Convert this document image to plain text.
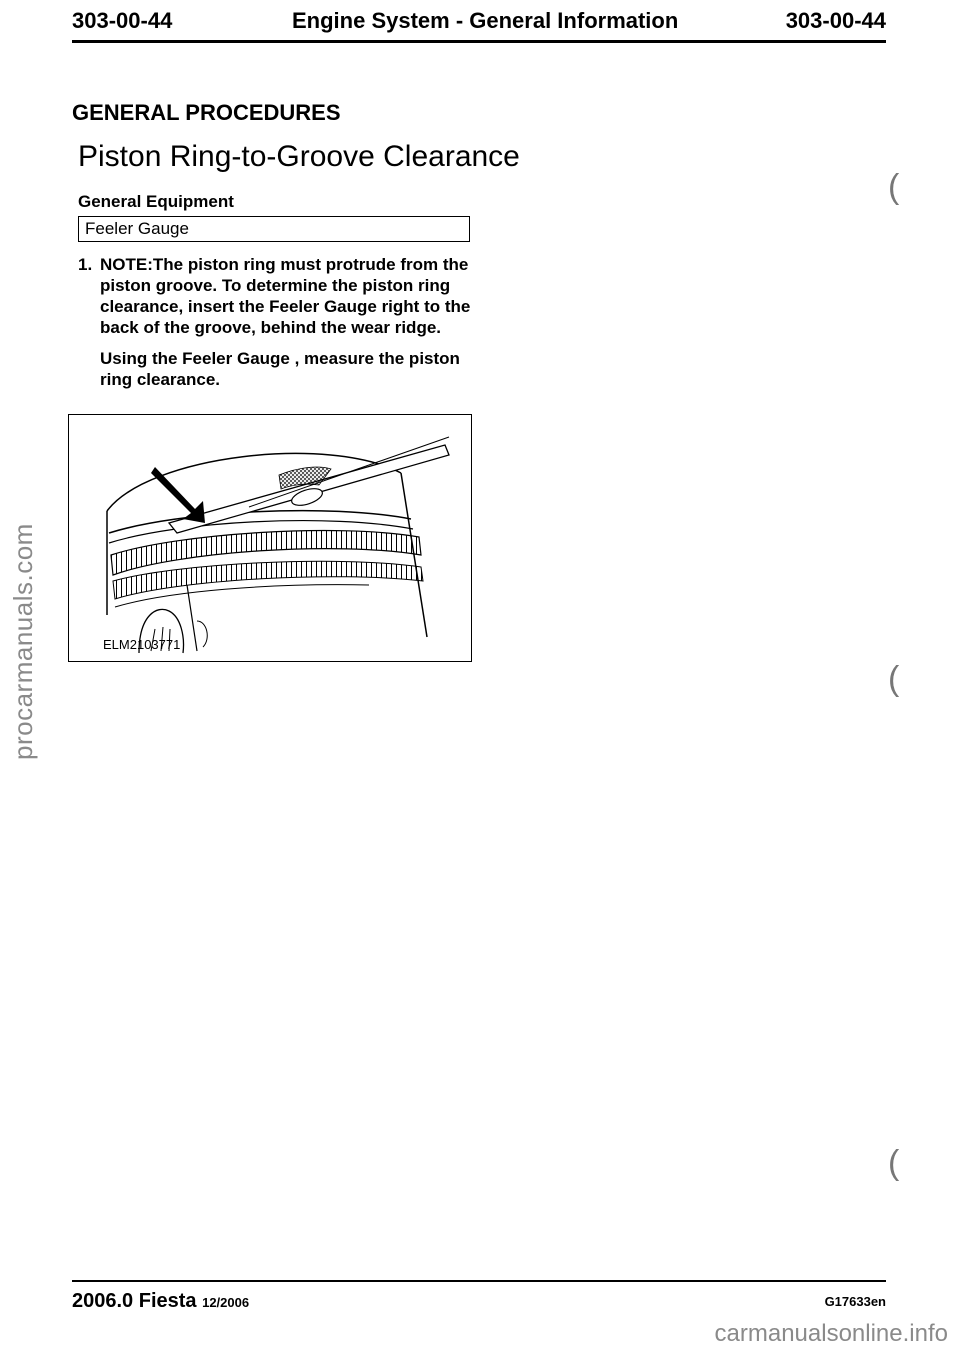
procarmanuals.com
303-00-44	Engine System - General Information	303-00-44
GENERAL PROCEDURES
Piston Ring-to-Groove Clearance
General Equipment
Feeler Gauge
1. NOTE:The piston ring must protrude from the piston groove. To determine the piston ring clearance, insert the Feeler Gauge right to the back of the groove, behind the wear ridge.
Using the Feeler Gauge , measure the piston ring clearance.
ELM2103771
(
(
(
2006.0 Fiesta 12/2006	G17633en
carmanualsonline.info
